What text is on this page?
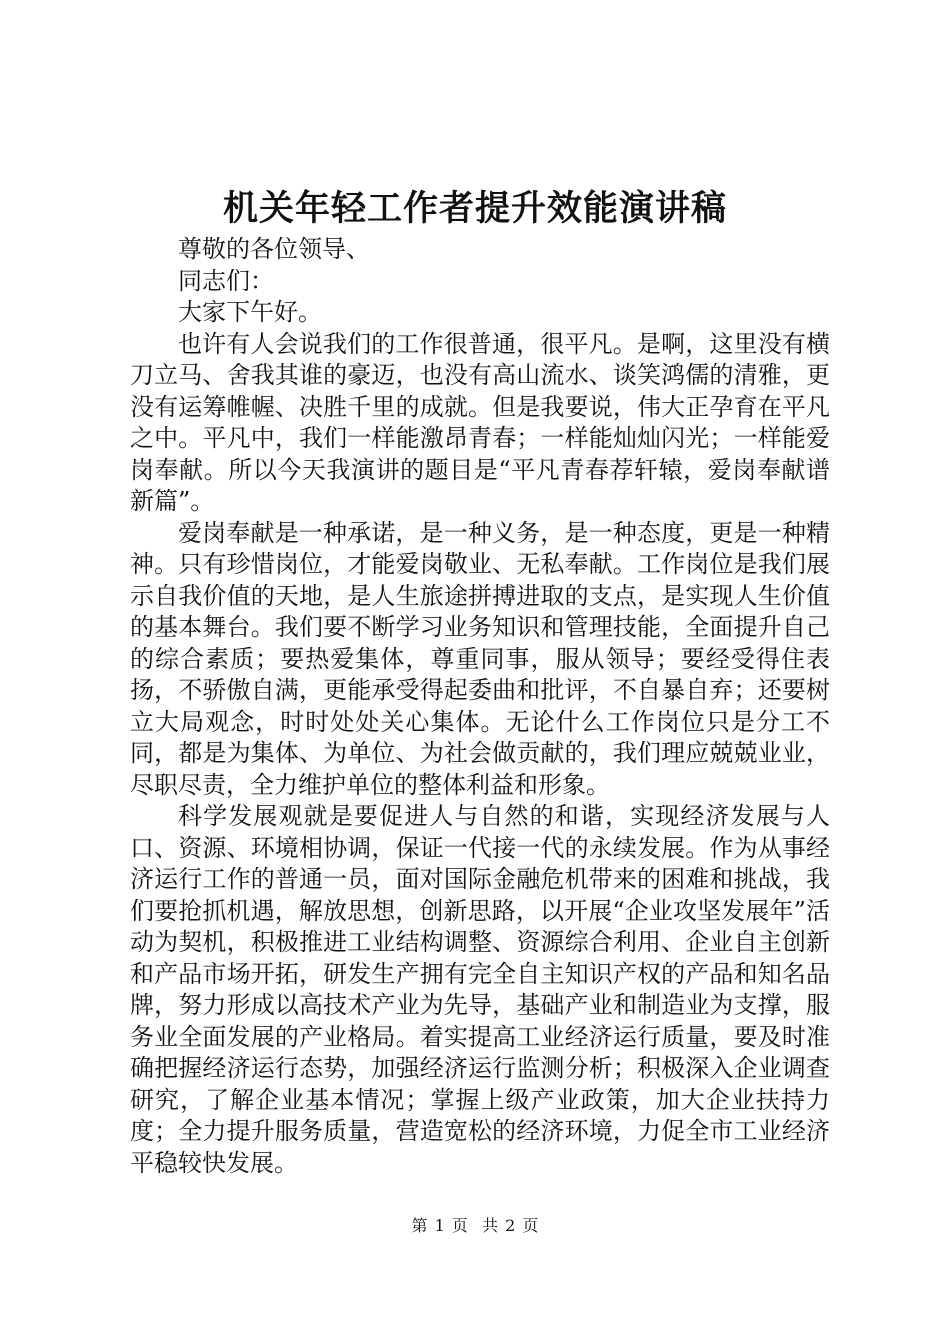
机关年轻工作者提升效能演讲稿

尊敬的各位领导、

同志们：

大家下午好。

也许有人会说我们的工作很普通，很平凡。是啊，这里没有横刀立马、舍我其谁的豪迈，也没有高山流水、谈笑鸿儒的清雅，更没有运筹帷幄、决胜千里的成就。但是我要说，伟大正孕育在平凡之中。平凡中，我们一样能激昂青春；一样能灿灿闪光；一样能爱岗奉献。所以今天我演讲的题目是“平凡青春荐轩辕，爱岗奉献谱新篇”。

爱岗奉献是一种承诺，是一种义务，是一种态度，更是一种精神。只有珍惜岗位，才能爱岗敬业、无私奉献。工作岗位是我们展示自我价值的天地，是人生旅途拼搏进取的支点，是实现人生价值的基本舞台。我们要不断学习业务知识和管理技能，全面提升自己的综合素质；要热爱集体，尊重同事，服从领导；要经受得住表扬，不骄傲自满，更能承受得起委曲和批评，不自暴自弃；还要树立大局观念，时时处处关心集体。无论什么工作岗位只是分工不同，都是为集体、为单位、为社会做贡献的，我们理应兢兢业业，尽职尽责，全力维护单位的整体利益和形象。

科学发展观就是要促进人与自然的和谐，实现经济发展与人口、资源、环境相协调，保证一代接一代的永续发展。作为从事经济运行工作的普通一员，面对国际金融危机带来的困难和挑战，我们要抢抓机遇，解放思想，创新思路，以开展“企业攻坚发展年”活动为契机，积极推进工业结构调整、资源综合利用、企业自主创新和产品市场开拓，研发生产拥有完全自主知识产权的产品和知名品牌，努力形成以高技术产业为先导，基础产业和制造业为支撑，服务业全面发展的产业格局。着实提高工业经济运行质量，要及时准确把握经济运行态势，加强经济运行监测分析；积极深入企业调查研究，了解企业基本情况；掌握上级产业政策，加大企业扶持力度；全力提升服务质量，营造宽松的经济环境，力促全市工业经济平稳较快发展。

第 1 页  共 2 页
